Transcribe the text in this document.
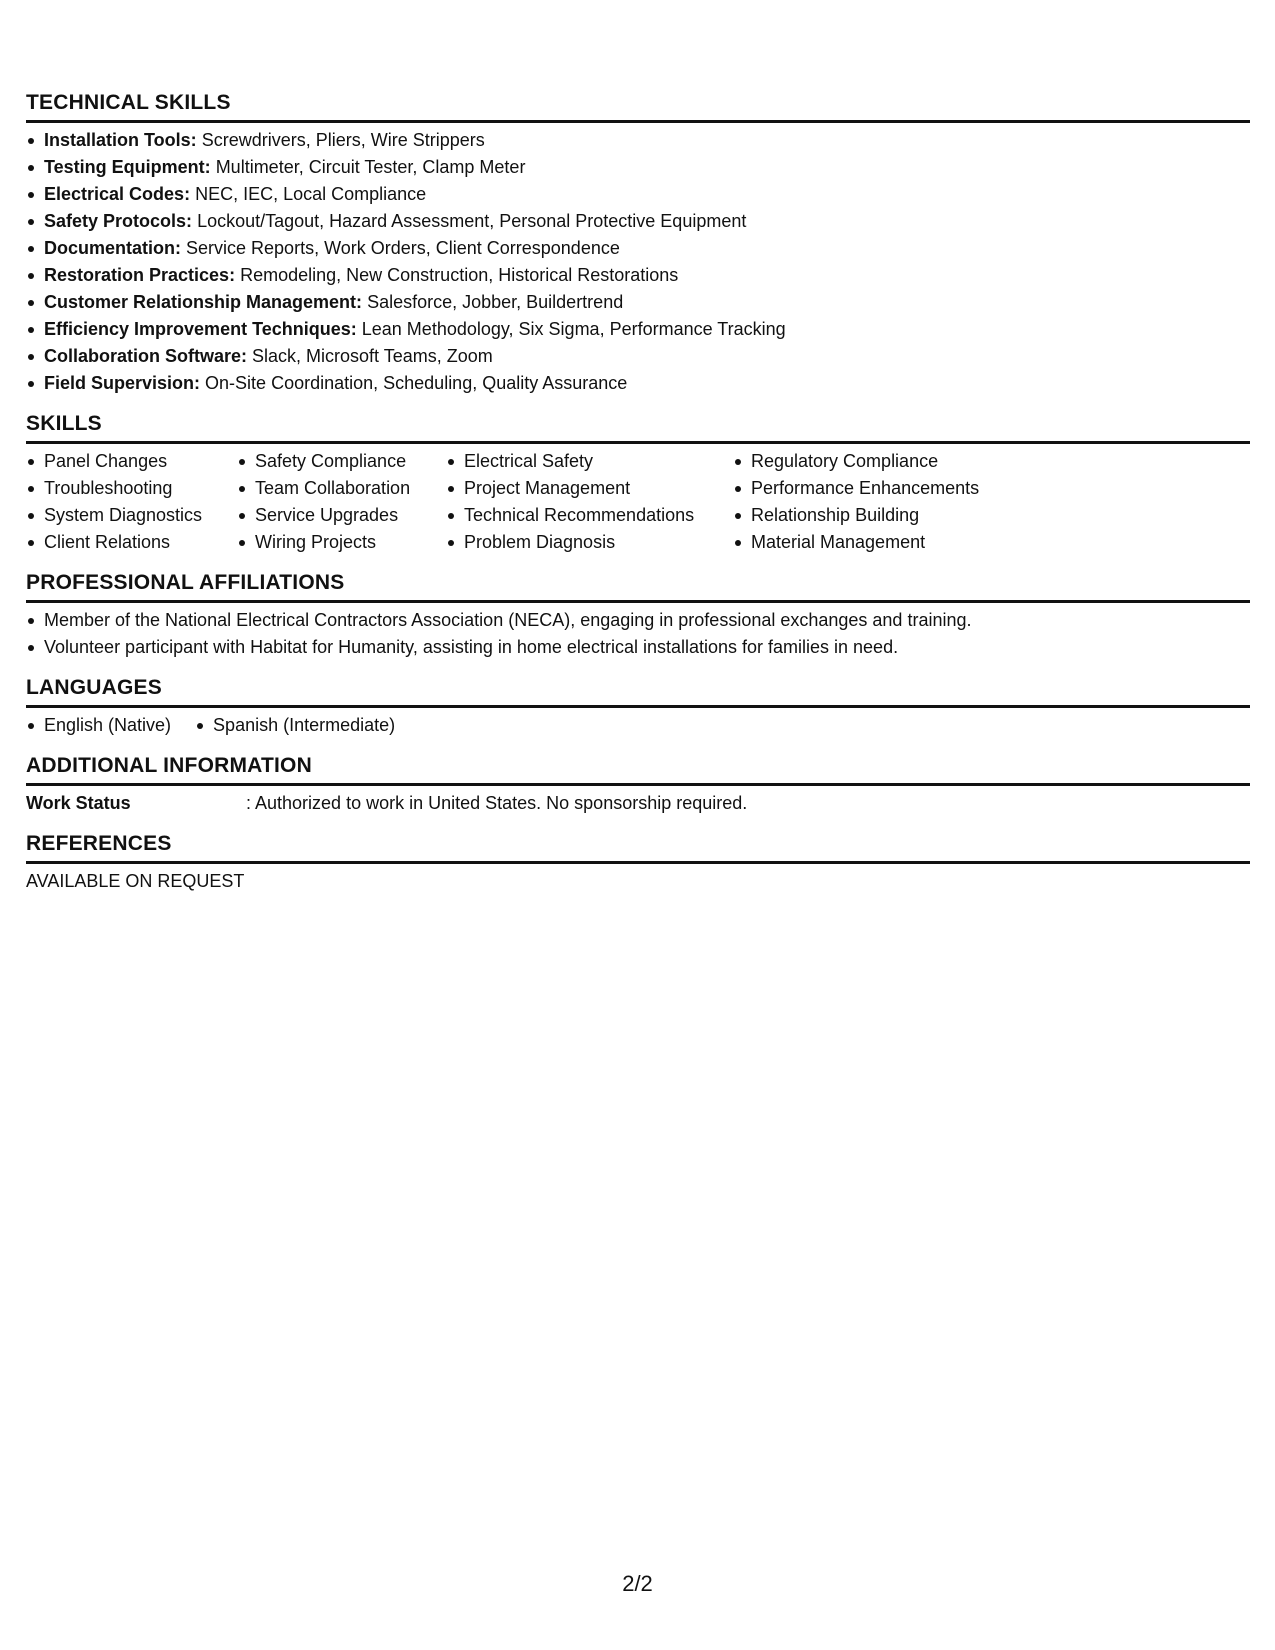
TECHNICAL SKILLS
Installation Tools: Screwdrivers, Pliers, Wire Strippers
Testing Equipment: Multimeter, Circuit Tester, Clamp Meter
Electrical Codes: NEC, IEC, Local Compliance
Safety Protocols: Lockout/Tagout, Hazard Assessment, Personal Protective Equipment
Documentation: Service Reports, Work Orders, Client Correspondence
Restoration Practices: Remodeling, New Construction, Historical Restorations
Customer Relationship Management: Salesforce, Jobber, Buildertrend
Efficiency Improvement Techniques: Lean Methodology, Six Sigma, Performance Tracking
Collaboration Software: Slack, Microsoft Teams, Zoom
Field Supervision: On-Site Coordination, Scheduling, Quality Assurance
SKILLS
Panel Changes
Troubleshooting
System Diagnostics
Client Relations
Safety Compliance
Team Collaboration
Service Upgrades
Wiring Projects
Electrical Safety
Project Management
Technical Recommendations
Problem Diagnosis
Regulatory Compliance
Performance Enhancements
Relationship Building
Material Management
PROFESSIONAL AFFILIATIONS
Member of the National Electrical Contractors Association (NECA), engaging in professional exchanges and training.
Volunteer participant with Habitat for Humanity, assisting in home electrical installations for families in need.
LANGUAGES
English (Native)	Spanish (Intermediate)
ADDITIONAL INFORMATION
Work Status	: Authorized to work in United States. No sponsorship required.
REFERENCES
AVAILABLE ON REQUEST
2/2
